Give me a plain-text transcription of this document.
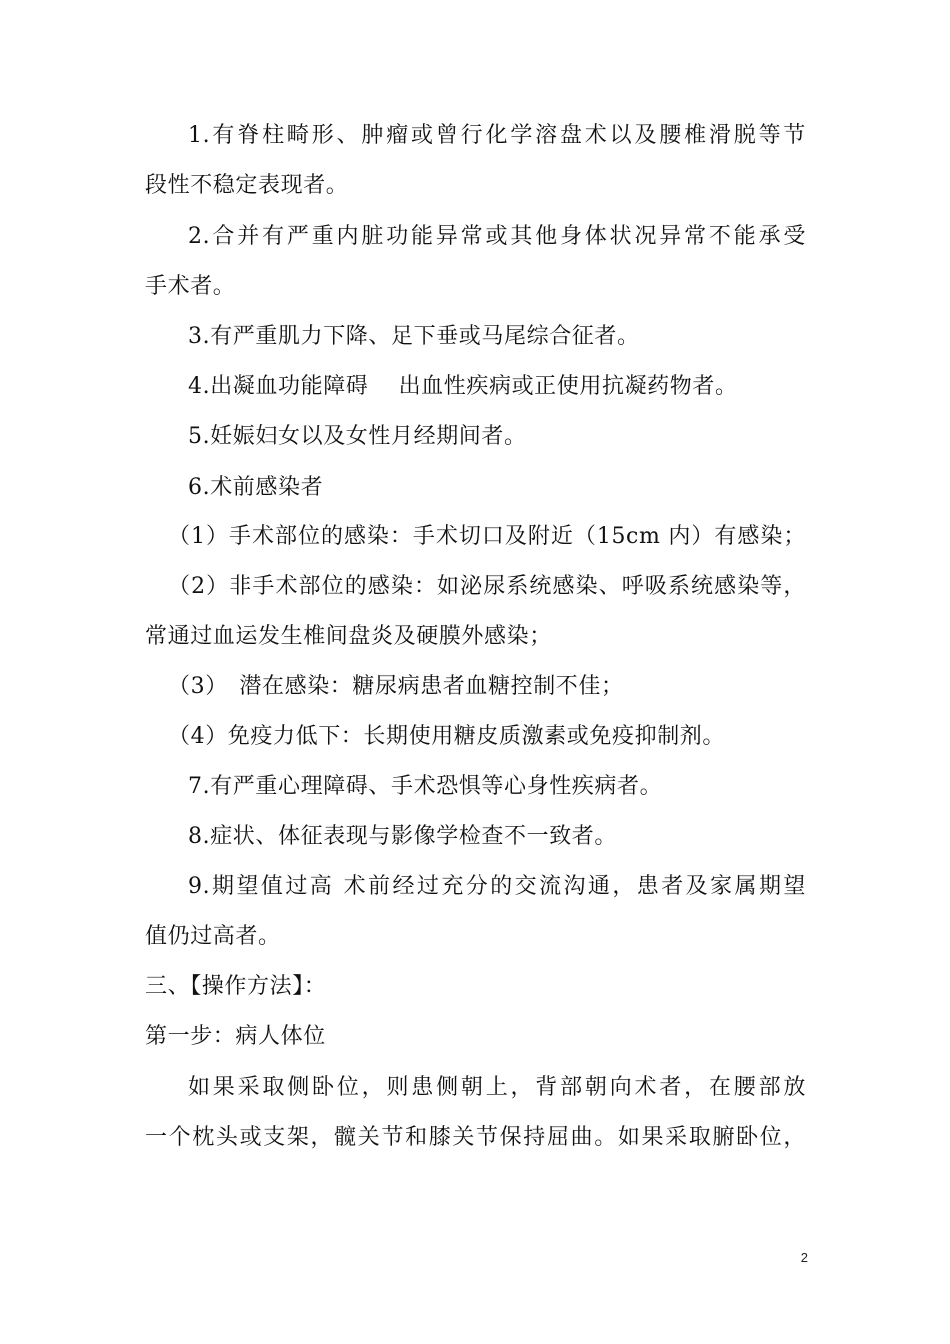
1.有脊柱畸形、肿瘤或曾行化学溶盘术以及腰椎滑脱等节
段性不稳定表现者。
2.合并有严重内脏功能异常或其他身体状况异常不能承受
手术者。
3.有严重肌力下降、足下垂或马尾综合征者。
4.出凝血功能障碍　 出血性疾病或正使用抗凝药物者。
5.妊娠妇女以及女性月经期间者。
6.术前感染者
（1）手术部位的感染：手术切口及附近（15cm 内）有感染；
（2）非手术部位的感染：如泌尿系统感染、呼吸系统感染等，
常通过血运发生椎间盘炎及硬膜外感染；
（3）　潜在感染：糖尿病患者血糖控制不佳；
（4）免疫力低下：长期使用糖皮质激素或免疫抑制剂。
7.有严重心理障碍、手术恐惧等心身性疾病者。
8.症状、体征表现与影像学检查不一致者。
9.期望值过高 术前经过充分的交流沟通，患者及家属期望
值仍过高者。
三、【操作方法】：
第一步：病人体位
如果采取侧卧位，则患侧朝上，背部朝向术者，在腰部放
一个枕头或支架，髋关节和膝关节保持屈曲。如果采取腑卧位，
2
